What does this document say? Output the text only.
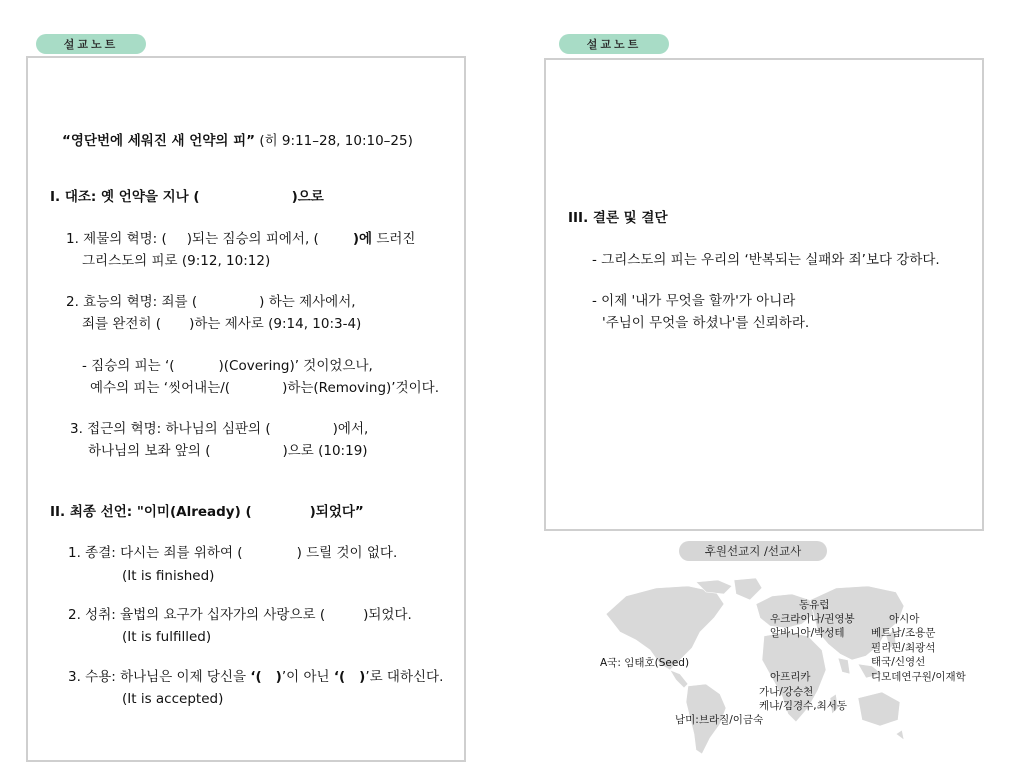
설교노트	설교노트
“영단번에 세워진 새 언약의 피” (히 9:11–28, 10:10–25)
I. 대조: 옛 언약을 지나 (	)으로
1. 제물의 혁명: ( )되는 짐승의 피에서, (	)에 드러진
그리스도의 피로 (9:12, 10:12)
2. 효능의 혁명: 죄를 (	) 하는 제사에서,
죄를 완전히 ( )하는 제사로 (9:14, 10:3-4)
- 짐승의 피는 ‘(	)(Covering)’ 것이었으나,
예수의 피는 ‘씻어내는/(	)하는(Removing)’것이다.
3. 접근의 혁명: 하나님의 심판의 (	)에서,
하나님의 보좌 앞의 (	)으로 (10:19)
II. 최종 선언: "이미(Already) (	)되었다”
1. 종결: 다시는 죄를 위하여 (	) 드릴 것이 없다.
(It is finished)
2. 성취: 율법의 요구가 십자가의 사랑으로 (	)되었다.
(It is fulfilled)
3. 수용: 하나님은 이제 당신을 ‘( )’이 아닌 ‘( )’로 대하신다.
(It is accepted)
III. 결론 및 결단
- 그리스도의 피는 우리의 ‘반복되는 실패와 죄’보다 강하다.
- 이제 '내가 무엇을 할까'가 아니라
'주님이 무엇을 하셨나'를 신뢰하라.
후원선교지 /선교사
동유럽
우크라이나/권영봉
알바니아/박성테
아시아
베트남/조용문
필리핀/최광석
태국/신영선
디모데연구원/이재학
A국: 임태호(Seed)
아프리카
가나/강승천
케냐/김경수,최서동
남미:브라질/이금숙
